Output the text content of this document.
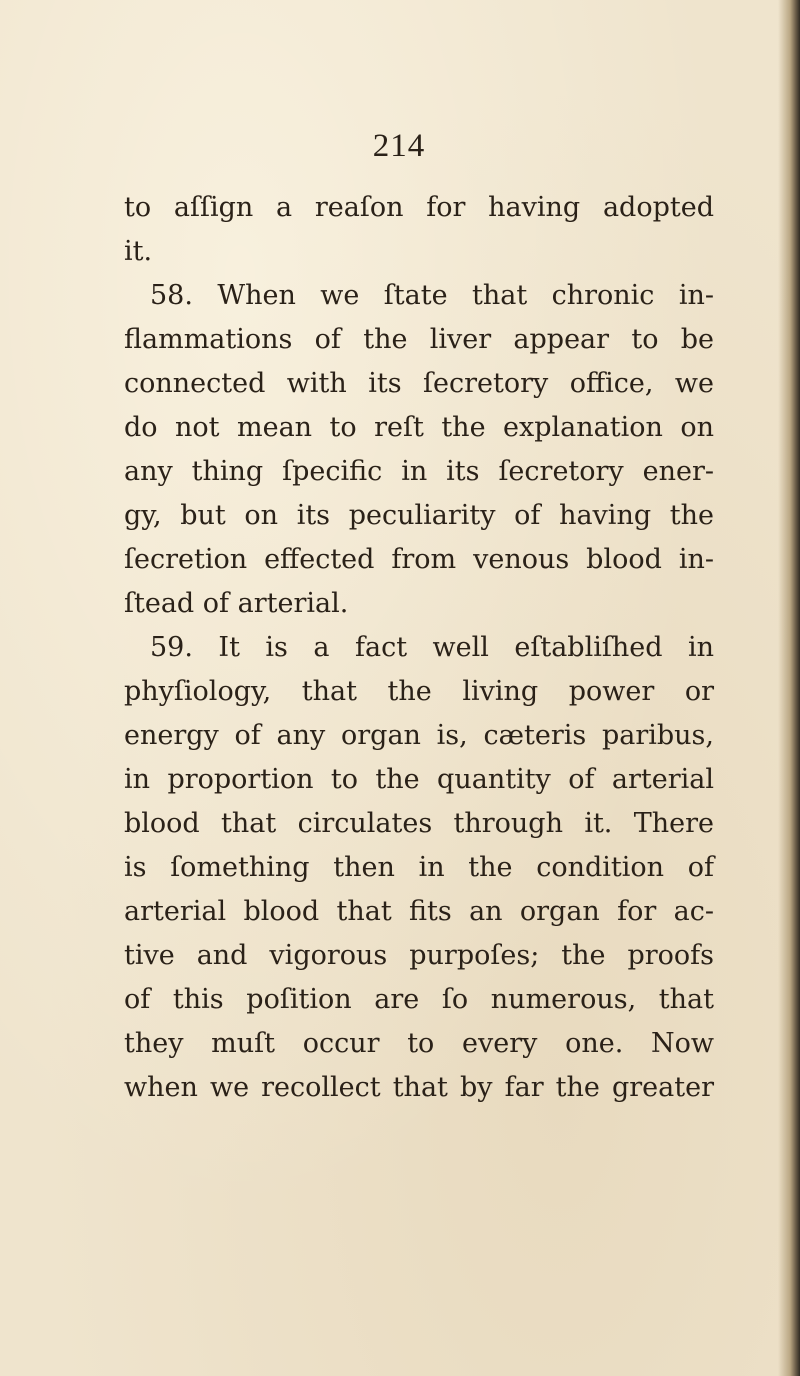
214
to aſſign a reaſon for having adopted
it.
58. When we ſtate that chronic in-
flammations of the liver appear to be
connected with its ſecretory office, we
do not mean to reſt the explanation on
any thing ſpecific in its ſecretory ener-
gy, but on its peculiarity of having the
ſecretion effected from venous blood in-
ſtead of arterial.
59. It is a fact well eſtabliſhed in
phyſiology, that the living power or
energy of any organ is, cæteris paribus,
in proportion to the quantity of arterial
blood that circulates through it. There
is ſomething then in the condition of
arterial blood that fits an organ for ac-
tive and vigorous purpoſes; the proofs
of this poſition are ſo numerous, that
they muſt occur to every one. Now
when we recollect that by far the greater
